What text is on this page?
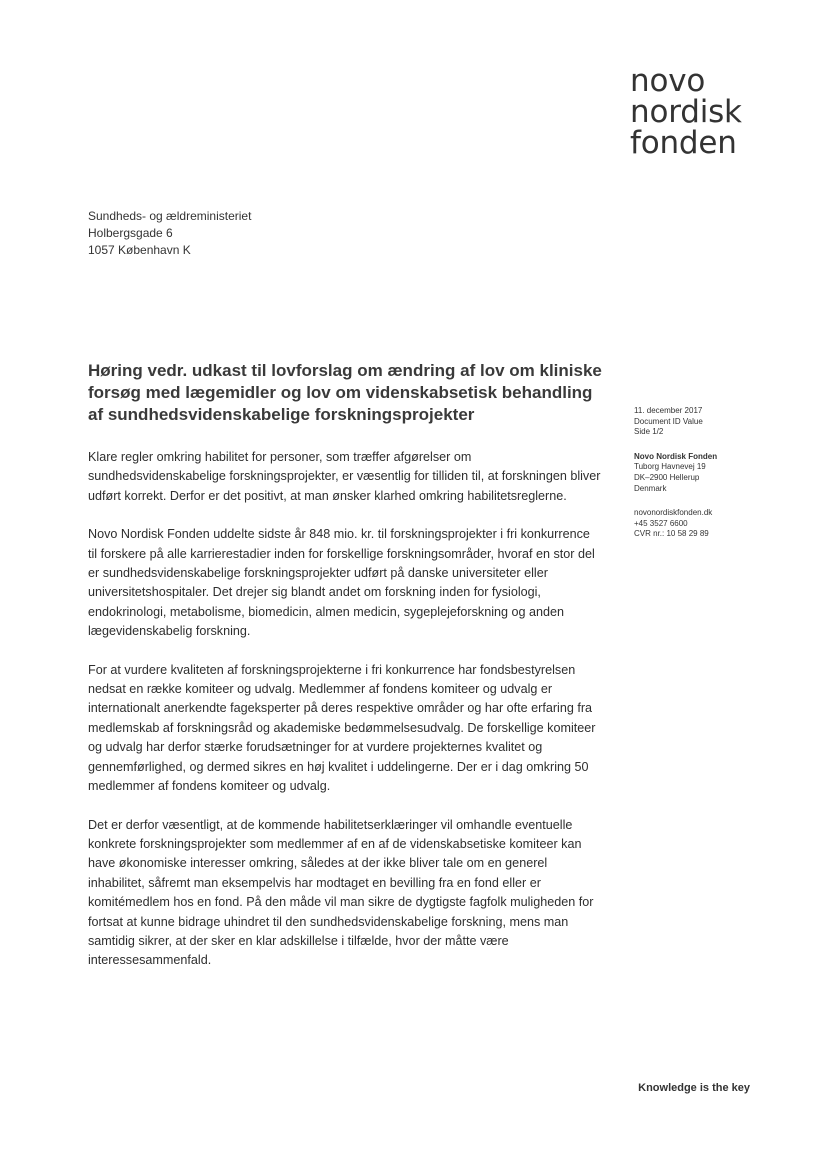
novo
nordisk
fonden
Sundheds- og ældreministeriet
Holbergsgade 6
1057 København K
Høring vedr. udkast til lovforslag om ændring af lov om kliniske forsøg med lægemidler og lov om videnskabsetisk behandling af sundhedsvidenskabelige forskningsprojekter	11. december 2017
Document ID Value
Side 1/2
Novo Nordisk Fonden
Tuborg Havnevej 19
DK–2900 Hellerup
Denmark
novonordiskfonden.dk
+45 3527 6600
CVR nr.: 10 58 29 89

Klare regler omkring habilitet for personer, som træffer afgørelser om sundhedsvidenskabelige forskningsprojekter, er væsentlig for tilliden til, at forskningen bliver udført korrekt. Derfor er det positivt, at man ønsker klarhed omkring habilitetsreglerne.

Novo Nordisk Fonden uddelte sidste år 848 mio. kr. til forskningsprojekter i fri konkurrence til forskere på alle karrierestadier inden for forskellige forskningsområder, hvoraf en stor del er sundhedsvidenskabelige forskningsprojekter udført på danske universiteter eller universitetshospitaler. Det drejer sig blandt andet om forskning inden for fysiologi, endokrinologi, metabolisme, biomedicin, almen medicin, sygeplejeforskning og anden lægevidenskabelig forskning.

For at vurdere kvaliteten af forskningsprojekterne i fri konkurrence har fondsbestyrelsen nedsat en række komiteer og udvalg. Medlemmer af fondens komiteer og udvalg er internationalt anerkendte fageksperter på deres respektive områder og har ofte erfaring fra medlemskab af forskningsråd og akademiske bedømmelsesudvalg. De forskellige komiteer og udvalg har derfor stærke forudsætninger for at vurdere projekternes kvalitet og gennemførlighed, og dermed sikres en høj kvalitet i uddelingerne. Der er i dag omkring 50 medlemmer af fondens komiteer og udvalg.

Det er derfor væsentligt, at de kommende habilitetserklæringer vil omhandle eventuelle konkrete forskningsprojekter som medlemmer af en af de videnskabsetiske komiteer kan have økonomiske interesser omkring, således at der ikke bliver tale om en generel inhabilitet, såfremt man eksempelvis har modtaget en bevilling fra en fond eller er komitémedlem hos en fond. På den måde vil man sikre de dygtigste fagfolk muligheden for fortsat at kunne bidrage uhindret til den sundhedsvidenskabelige forskning, mens man samtidig sikrer, at der sker en klar adskillelse i tilfælde, hvor der måtte være interessesammenfald.

Knowledge is the key
